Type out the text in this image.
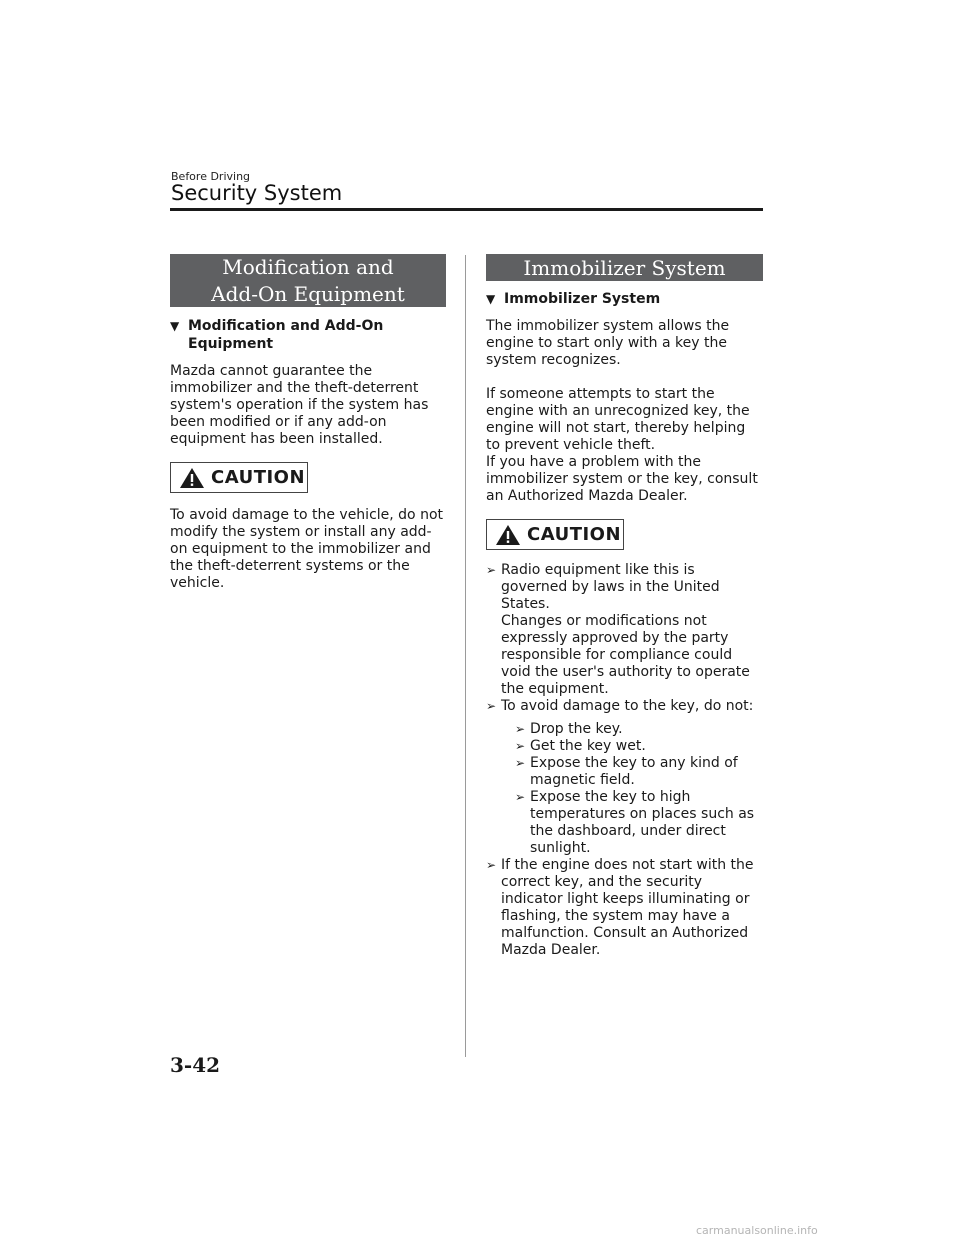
Before Driving
Security System
Modification and Add-On Equipment
▼ Modification and Add-On Equipment

Mazda cannot guarantee the immobilizer and the theft-deterrent system's operation if the system has been modified or if any add-on equipment has been installed.

CAUTION

To avoid damage to the vehicle, do not modify the system or install any add-on equipment to the immobilizer and the theft-deterrent systems or the vehicle.

Immobilizer System
▼ Immobilizer System

The immobilizer system allows the engine to start only with a key the system recognizes.

If someone attempts to start the engine with an unrecognized key, the engine will not start, thereby helping to prevent vehicle theft.

If you have a problem with the immobilizer system or the key, consult an Authorized Mazda Dealer.

CAUTION
➢ Radio equipment like this is governed by laws in the United States.
Changes or modifications not expressly approved by the party responsible for compliance could void the user's authority to operate the equipment.
➢ To avoid damage to the key, do not:
➢ Drop the key.
➢ Get the key wet.
➢ Expose the key to any kind of magnetic field.
➢ Expose the key to high temperatures on places such as the dashboard, under direct sunlight.
➢ If the engine does not start with the correct key, and the security indicator light keeps illuminating or flashing, the system may have a malfunction. Consult an Authorized Mazda Dealer.
3-42
carmanualsonline.info
